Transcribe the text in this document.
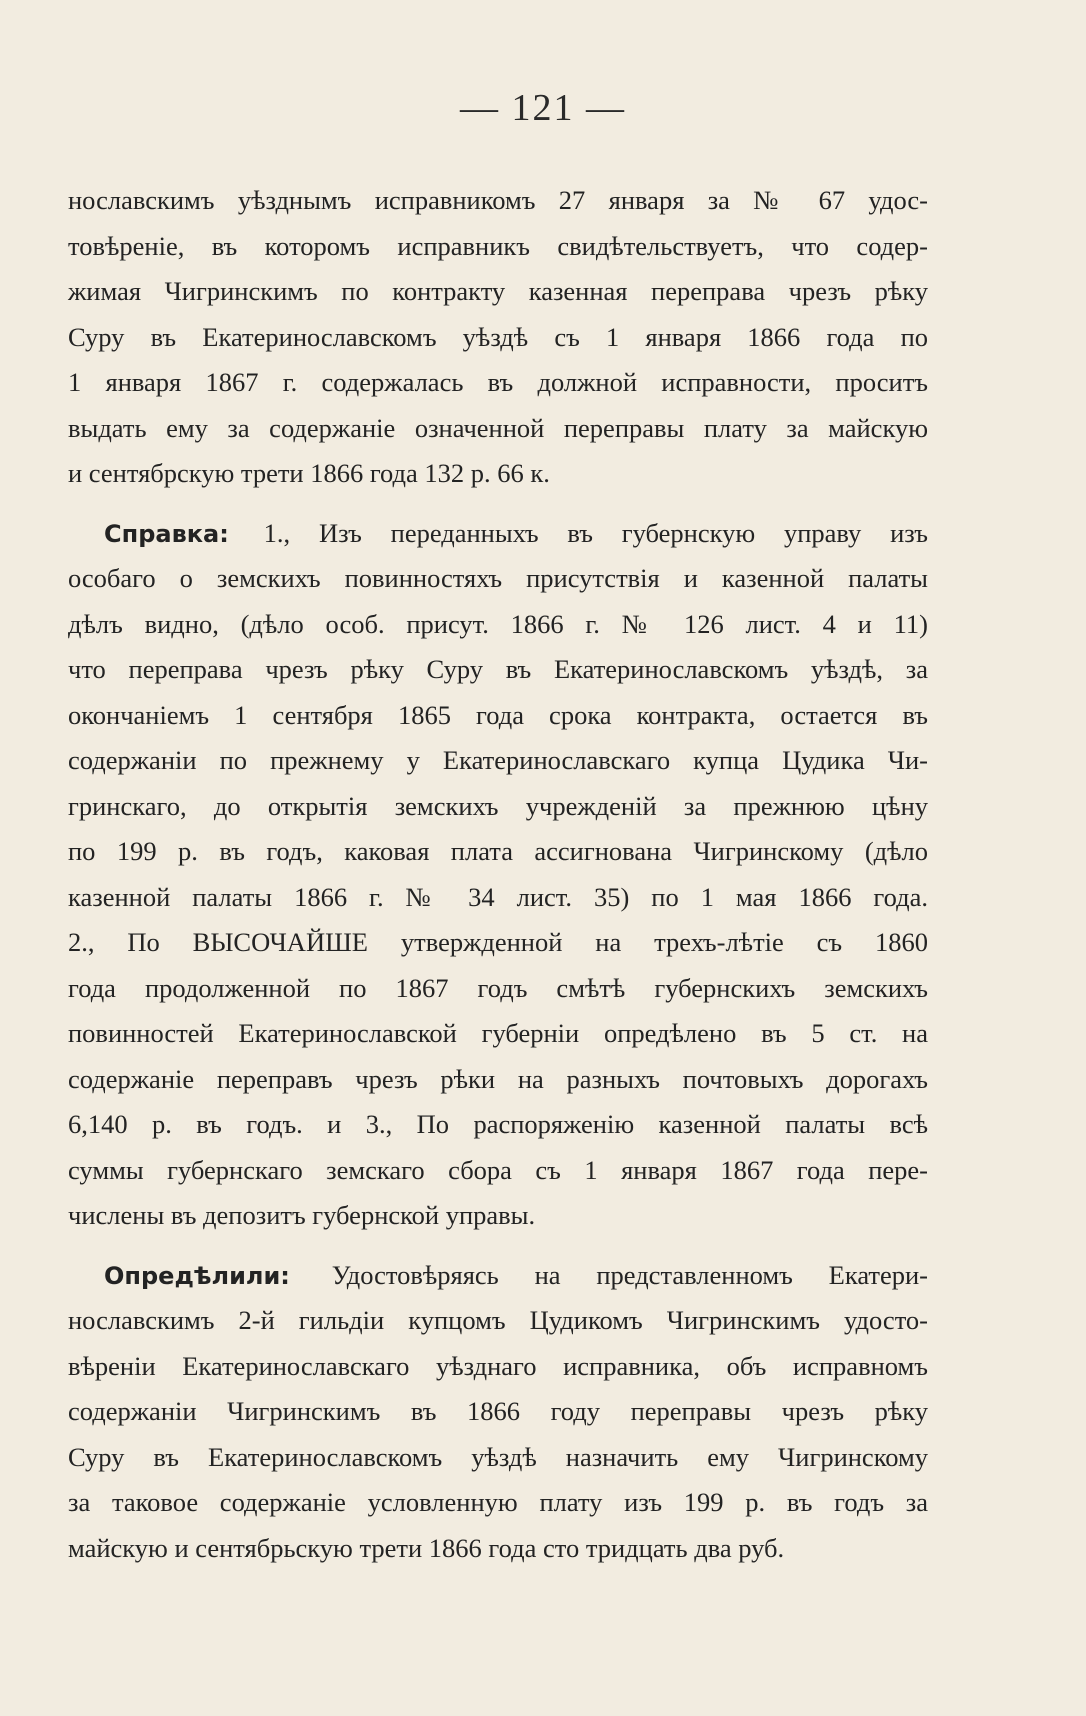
— 121 —
нославскимъ уѣзднымъ исправникомъ 27 января за № 67 удос-
товѣреніе, въ которомъ исправникъ свидѣтельствуетъ, что содер-
жимая Чигринскимъ по контракту казенная переправа чрезъ рѣку
Суру въ Екатеринославскомъ уѣздѣ съ 1 января 1866 года по
1 января 1867 г. содержалась въ должной исправности, проситъ
выдать ему за содержаніе означенной переправы плату за майскую
и сентябрскую трети 1866 года 132 р. 66 к.
Справка: 1., Изъ переданныхъ въ губернскую управу изъ
особаго о земскихъ повинностяхъ присутствія и казенной палаты
дѣлъ видно, (дѣло особ. присут. 1866 г. № 126 лист. 4 и 11)
что переправа чрезъ рѣку Суру въ Екатеринославскомъ уѣздѣ, за
окончаніемъ 1 сентября 1865 года срока контракта, остается въ
содержаніи по прежнему у Екатеринославскаго купца Цудика Чи-
гринскаго, до открытія земскихъ учрежденій за прежнюю цѣну
по 199 р. въ годъ, каковая плата ассигнована Чигринскому (дѣло
казенной палаты 1866 г. № 34 лист. 35) по 1 мая 1866 года.
2., По ВЫСОЧАЙШЕ утвержденной на трехъ-лѣтіе съ 1860
года продолженной по 1867 годъ смѣтѣ губернскихъ земскихъ
повинностей Екатеринославской губерніи опредѣлено въ 5 ст. на
содержаніе переправъ чрезъ рѣки на разныхъ почтовыхъ дорогахъ
6,140 р. въ годъ. и 3., По распоряженію казенной палаты всѣ
суммы губернскаго земскаго сбора съ 1 января 1867 года пере-
числены въ депозитъ губернской управы.
Опредѣлили: Удостовѣряясь на представленномъ Екатери-
нославскимъ 2-й гильдіи купцомъ Цудикомъ Чигринскимъ удосто-
вѣреніи Екатеринославскаго уѣзднаго исправника, объ исправномъ
содержаніи Чигринскимъ въ 1866 году переправы чрезъ рѣку
Суру въ Екатеринославскомъ уѣздѣ назначить ему Чигринскому
за таковое содержаніе условленную плату изъ 199 р. въ годъ за
майскую и сентябрьскую трети 1866 года сто тридцать два руб.
